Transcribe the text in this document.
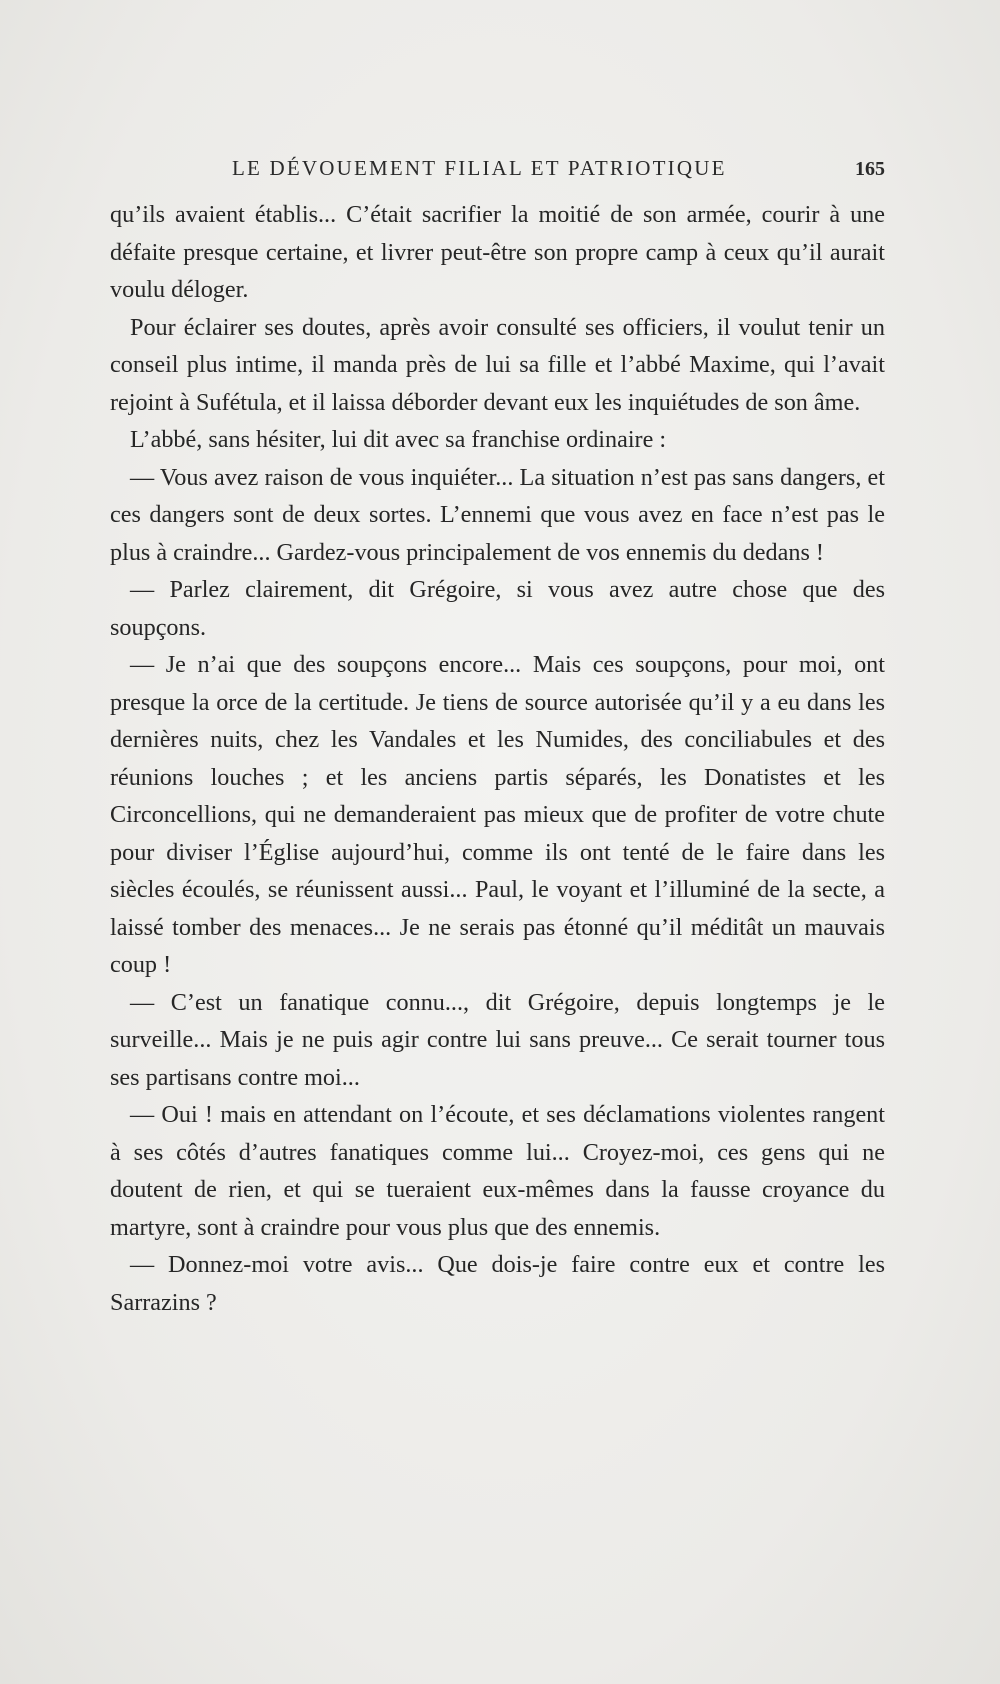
LE DÉVOUEMENT FILIAL ET PATRIOTIQUE	165

qu’ils avaient établis... C’était sacrifier la moitié de son armée, courir à une défaite presque certaine, et livrer peut-être son propre camp à ceux qu’il aurait voulu déloger.

Pour éclairer ses doutes, après avoir consulté ses officiers, il voulut tenir un conseil plus intime, il manda près de lui sa fille et l’abbé Maxime, qui l’avait rejoint à Sufétula, et il laissa déborder devant eux les inquiétudes de son âme.

L’abbé, sans hésiter, lui dit avec sa franchise ordinaire :

— Vous avez raison de vous inquiéter... La situation n’est pas sans dangers, et ces dangers sont de deux sortes. L’ennemi que vous avez en face n’est pas le plus à craindre... Gardez-vous principalement de vos ennemis du dedans !

— Parlez clairement, dit Grégoire, si vous avez autre chose que des soupçons.

— Je n’ai que des soupçons encore... Mais ces soupçons, pour moi, ont presque la orce de la certitude. Je tiens de source autorisée qu’il y a eu dans les dernières nuits, chez les Vandales et les Numides, des conciliabules et des réunions louches ; et les anciens partis séparés, les Donatistes et les Circoncellions, qui ne demanderaient pas mieux que de profiter de votre chute pour diviser l’Église aujourd’hui, comme ils ont tenté de le faire dans les siècles écoulés, se réunissent aussi... Paul, le voyant et l’illuminé de la secte, a laissé tomber des menaces... Je ne serais pas étonné qu’il méditât un mauvais coup !

— C’est un fanatique connu..., dit Grégoire, depuis longtemps je le surveille... Mais je ne puis agir contre lui sans preuve... Ce serait tourner tous ses partisans contre moi...

— Oui ! mais en attendant on l’écoute, et ses déclamations violentes rangent à ses côtés d’autres fanatiques comme lui... Croyez-moi, ces gens qui ne doutent de rien, et qui se tueraient eux-mêmes dans la fausse croyance du martyre, sont à craindre pour vous plus que des ennemis.

— Donnez-moi votre avis... Que dois-je faire contre eux et contre les Sarrazins ?
